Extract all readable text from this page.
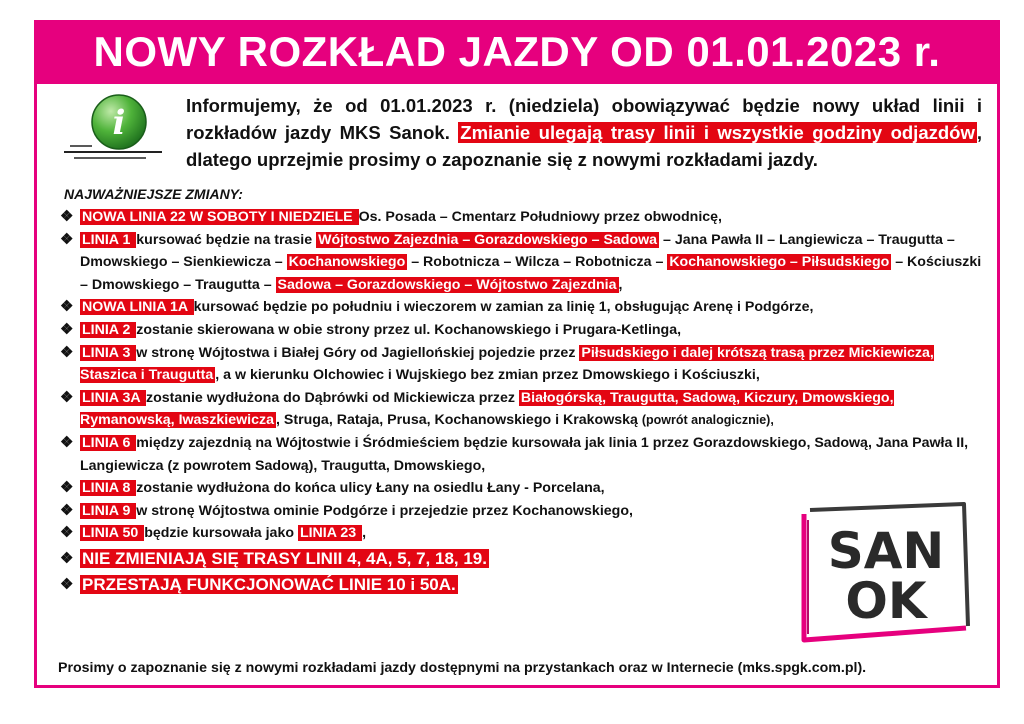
NOWY ROZKŁAD JAZDY OD 01.01.2023 r.
i	Informujemy, że od 01.01.2023 r. (niedziela) obowiązywać będzie nowy układ linii i rozkładów jazdy MKS Sanok. Zmianie ulegają trasy linii i wszystkie godziny odjazdów , dlatego uprzejmie prosimy o zapoznanie się z nowymi rozkładami jazdy.
NAJWAŻNIEJSZE ZMIANY:
❖ NOWA LINIA 22 W SOBOTY I NIEDZIELE Os. Posada – Cmentarz Południowy przez obwodnicę,
❖ LINIA 1 kursować będzie na trasie Wójtostwo Zajezdnia – Gorazdowskiego – Sadowa – Jana Pawła II – Langiewicza – Traugutta – Dmowskiego – Sienkiewicza – Kochanowskiego – Robotnicza – Wilcza – Robotnicza – Kochanowskiego – Piłsudskiego – Kościuszki – Dmowskiego – Traugutta – Sadowa – Gorazdowskiego – Wójtostwo Zajezdnia ,
❖ NOWA LINIA 1A kursować będzie po południu i wieczorem w zamian za linię 1, obsługując Arenę i Podgórze,
❖ LINIA 2 zostanie skierowana w obie strony przez ul. Kochanowskiego i Prugara-Ketlinga,
❖ LINIA 3 w stronę Wójtostwa i Białej Góry od Jagiellońskiej pojedzie przez Piłsudskiego i dalej krótszą trasą przez Mickiewicza, Staszica i Traugutta , a w kierunku Olchowiec i Wujskiego bez zmian przez Dmowskiego i Kościuszki,
❖ LINIA 3A zostanie wydłużona do Dąbrówki od Mickiewicza przez Białogórską, Traugutta, Sadową, Kiczury, Dmowskiego, Rymanowską, Iwaszkiewicza , Struga, Rataja, Prusa, Kochanowskiego i Krakowską (powrót analogicznie),
❖ LINIA 6 między zajezdnią na Wójtostwie i Śródmieściem będzie kursowała jak linia 1 przez Gorazdowskiego, Sadową, Jana Pawła II, Langiewicza (z powrotem Sadową), Traugutta, Dmowskiego,
❖ LINIA 8 zostanie wydłużona do końca ulicy Łany na osiedlu Łany - Porcelana,
❖ LINIA 9 w stronę Wójtostwa ominie Podgórze i przejedzie przez Kochanowskiego,
❖ LINIA 50 będzie kursowała jako LINIA 23 ,
❖ NIE ZMIENIAJĄ SIĘ TRASY LINII 4, 4A, 5, 7, 18, 19.
❖ PRZESTAJĄ FUNKCJONOWAĆ LINIE 10 i 50A.
Prosimy o zapoznanie się z nowymi rozkładami jazdy dostępnymi na przystankach oraz w Internecie (mks.spgk.com.pl).
SAN
OK
